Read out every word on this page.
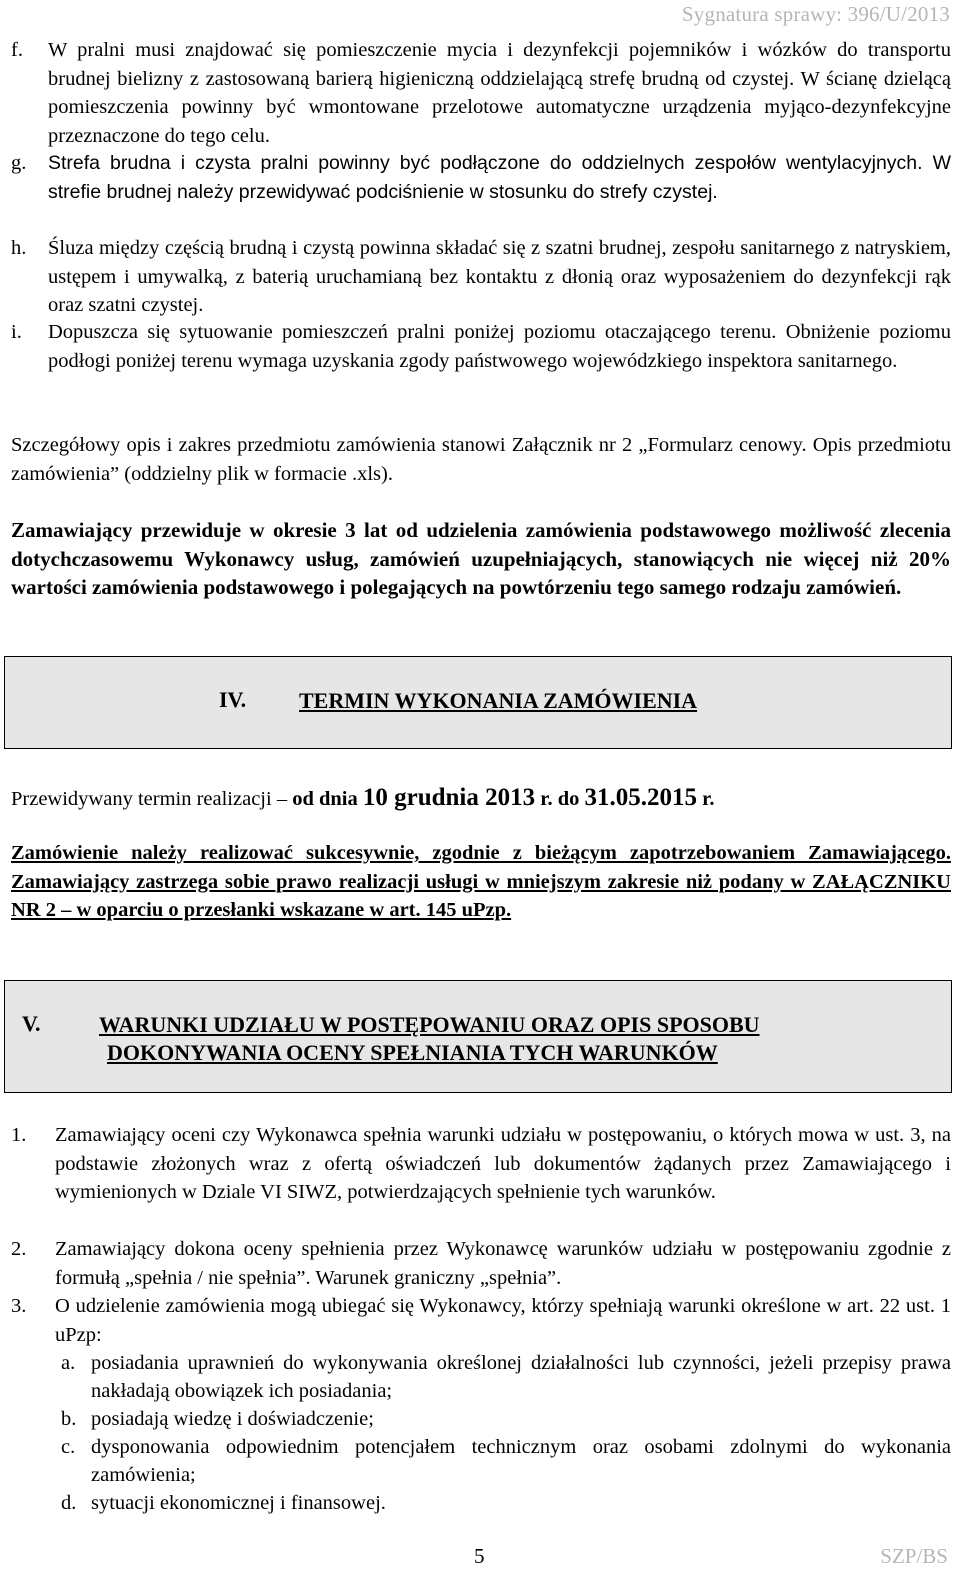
Sygnatura sprawy: 396/U/2013
f. W pralni musi znajdować się pomieszczenie mycia i dezynfekcji pojemników i wózków do transportu brudnej bielizny z zastosowaną barierą higieniczną oddzielającą strefę brudną od czystej. W ścianę dzielącą pomieszczenia powinny być wmontowane przelotowe automatyczne urządzenia myjąco-dezynfekcyjne przeznaczone do tego celu.
g. Strefa brudna i czysta pralni powinny być podłączone do oddzielnych zespołów wentylacyjnych. W strefie brudnej należy przewidywać podciśnienie w stosunku do strefy czystej.
h. Śluza między częścią brudną i czystą powinna składać się z szatni brudnej, zespołu sanitarnego z natryskiem, ustępem i umywalką, z baterią uruchamianą bez kontaktu z dłonią oraz wyposażeniem do dezynfekcji rąk oraz szatni czystej.
i. Dopuszcza się sytuowanie pomieszczeń pralni poniżej poziomu otaczającego terenu. Obniżenie poziomu podłogi poniżej terenu wymaga uzyskania zgody państwowego wojewódzkiego inspektora sanitarnego.
Szczegółowy opis i zakres przedmiotu zamówienia stanowi Załącznik nr 2 „Formularz cenowy. Opis przedmiotu zamówienia” (oddzielny plik w formacie .xls).
Zamawiający przewiduje w okresie 3 lat od udzielenia zamówienia podstawowego możliwość zlecenia dotychczasowemu Wykonawcy usług, zamówień uzupełniających, stanowiących nie więcej niż 20% wartości zamówienia podstawowego i polegających na powtórzeniu tego samego rodzaju zamówień.
IV. TERMIN WYKONANIA ZAMÓWIENIA
Przewidywany termin realizacji – od dnia 10 grudnia 2013 r. do 31.05.2015 r.
Zamówienie należy realizować sukcesywnie, zgodnie z bieżącym zapotrzebowaniem Zamawiającego. Zamawiający zastrzega sobie prawo realizacji usługi w mniejszym zakresie niż podany w ZAŁĄCZNIKU NR 2 – w oparciu o przesłanki wskazane w art. 145 uPzp.
V.	WARUNKI UDZIAŁU W POSTĘPOWANIU ORAZ OPIS SPOSOBU
DOKONYWANIA OCENY SPEŁNIANIA TYCH WARUNKÓW
1. Zamawiający oceni czy Wykonawca spełnia warunki udziału w postępowaniu, o których mowa w ust. 3, na podstawie złożonych wraz z ofertą oświadczeń lub dokumentów żądanych przez Zamawiającego i wymienionych w Dziale VI SIWZ, potwierdzających spełnienie tych warunków.
2. Zamawiający dokona oceny spełnienia przez Wykonawcę warunków udziału w postępowaniu zgodnie z formułą „spełnia / nie spełnia”. Warunek graniczny „spełnia”.
3. O udzielenie zamówienia mogą ubiegać się Wykonawcy, którzy spełniają warunki określone w art. 22 ust. 1 uPzp:
a. posiadania uprawnień do wykonywania określonej działalności lub czynności, jeżeli przepisy prawa nakładają obowiązek ich posiadania;
b. posiadają wiedzę i doświadczenie;
c. dysponowania odpowiednim potencjałem technicznym oraz osobami zdolnymi do wykonania zamówienia;
d. sytuacji ekonomicznej i finansowej.
5	SZP/BS
